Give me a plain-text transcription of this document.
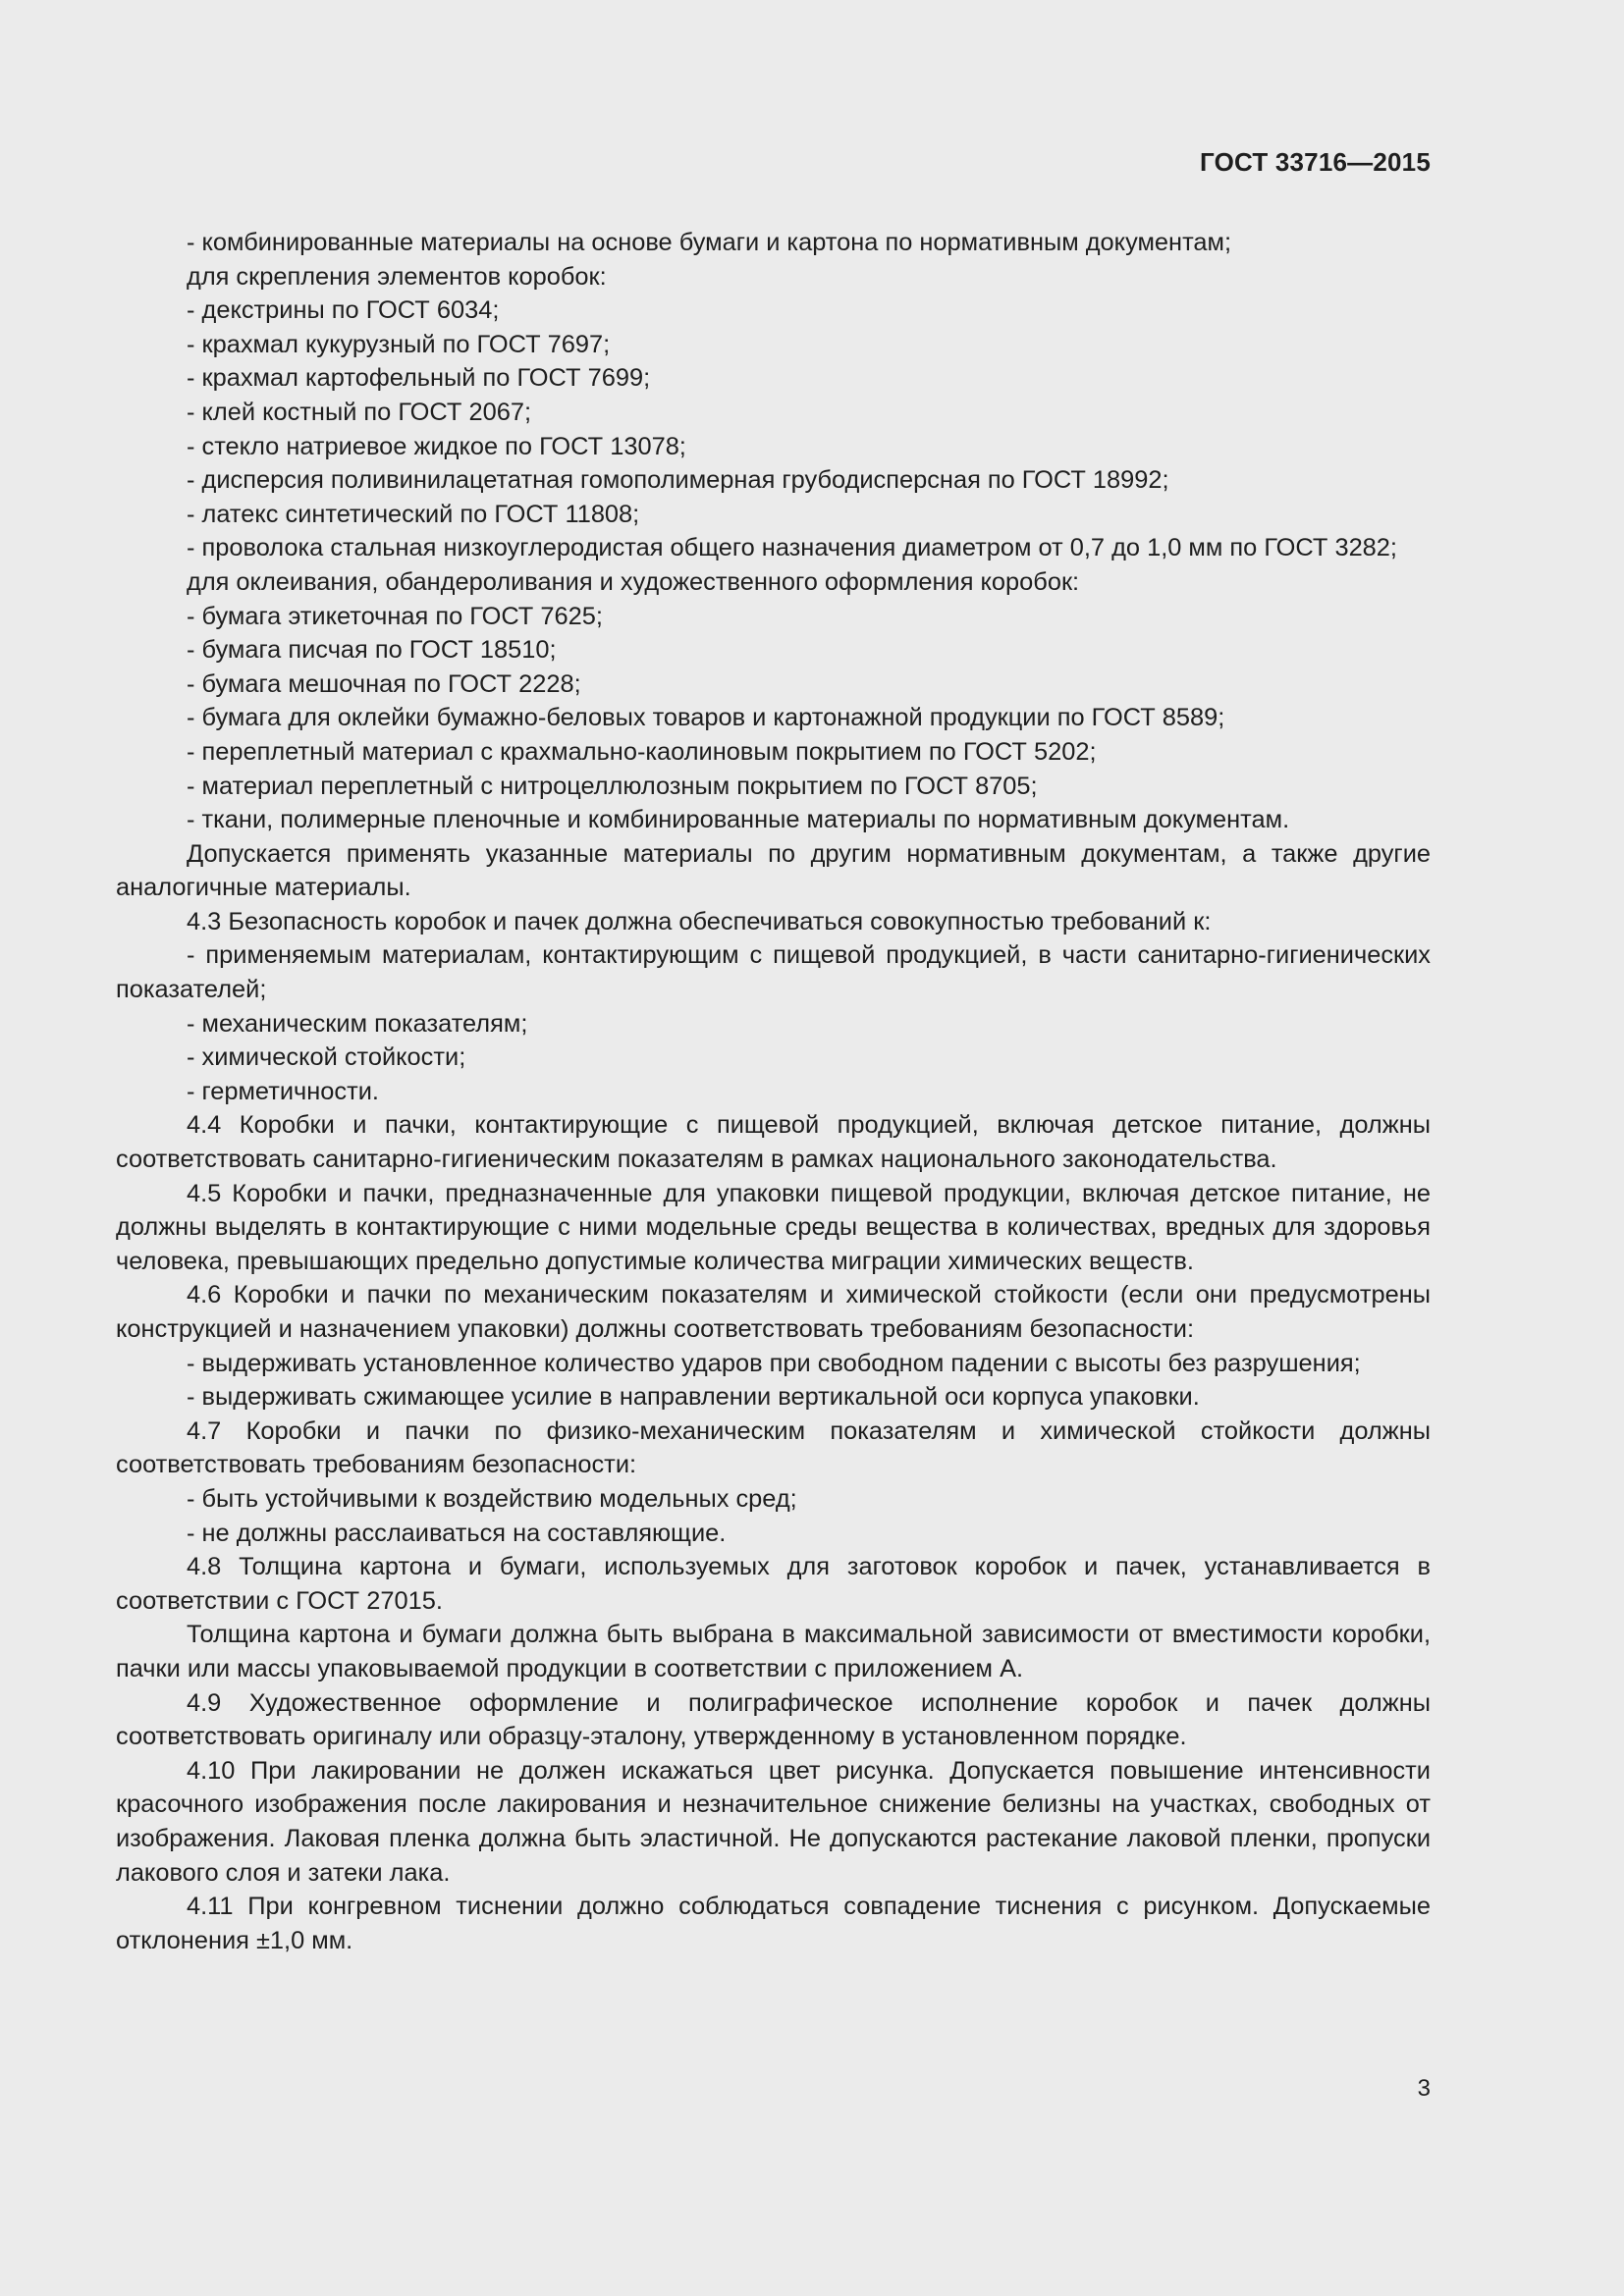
ГОСТ 33716—2015

- комбинированные материалы на основе бумаги и картона по нормативным документам;

для скрепления элементов коробок:

- декстрины по ГОСТ 6034;

- крахмал кукурузный по ГОСТ 7697;

- крахмал картофельный по ГОСТ 7699;

- клей костный по ГОСТ 2067;

- стекло натриевое жидкое по ГОСТ 13078;

- дисперсия поливинилацетатная гомополимерная грубодисперсная по ГОСТ 18992;

- латекс синтетический по ГОСТ 11808;

- проволока стальная низкоуглеродистая общего назначения диаметром от 0,7 до 1,0 мм по ГОСТ 3282;

для оклеивания, обандероливания и художественного оформления коробок:

- бумага этикеточная по ГОСТ 7625;

- бумага писчая по ГОСТ 18510;

- бумага мешочная по ГОСТ 2228;

- бумага для оклейки бумажно-беловых товаров и картонажной продукции по ГОСТ 8589;

- переплетный материал с крахмально-каолиновым покрытием по ГОСТ 5202;

- материал переплетный с нитроцеллюлозным покрытием по ГОСТ 8705;

- ткани, полимерные пленочные и комбинированные материалы по нормативным документам.

Допускается применять указанные материалы по другим нормативным документам, а также другие аналогичные материалы.

4.3 Безопасность коробок и пачек должна обеспечиваться совокупностью требований к:

- применяемым материалам, контактирующим с пищевой продукцией, в части санитарно-гигиенических показателей;

- механическим показателям;

- химической стойкости;

- герметичности.

4.4 Коробки и пачки, контактирующие с пищевой продукцией, включая детское питание, должны соответствовать санитарно-гигиеническим показателям в рамках национального законодательства.

4.5 Коробки и пачки, предназначенные для упаковки пищевой продукции, включая детское питание, не должны выделять в контактирующие с ними модельные среды вещества в количествах, вредных для здоровья человека, превышающих предельно допустимые количества миграции химических веществ.

4.6 Коробки и пачки по механическим показателям и химической стойкости (если они предусмотрены конструкцией и назначением упаковки) должны соответствовать требованиям безопасности:

- выдерживать установленное количество ударов при свободном падении с высоты без разрушения;

- выдерживать сжимающее усилие в направлении вертикальной оси корпуса упаковки.

4.7 Коробки и пачки по физико-механическим показателям и химической стойкости должны соответствовать требованиям безопасности:

- быть устойчивыми к воздействию модельных сред;

- не должны расслаиваться на составляющие.

4.8 Толщина картона и бумаги, используемых для заготовок коробок и пачек, устанавливается в соответствии с ГОСТ 27015.

Толщина картона и бумаги должна быть выбрана в максимальной зависимости от вместимости коробки, пачки или массы упаковываемой продукции в соответствии с приложением А.

4.9 Художественное оформление и полиграфическое исполнение коробок и пачек должны соответствовать оригиналу или образцу-эталону, утвержденному в установленном порядке.

4.10 При лакировании не должен искажаться цвет рисунка. Допускается повышение интенсивности красочного изображения после лакирования и незначительное снижение белизны на участках, свободных от изображения. Лаковая пленка должна быть эластичной. Не допускаются растекание лаковой пленки, пропуски лакового слоя и затеки лака.

4.11 При конгревном тиснении должно соблюдаться совпадение тиснения с рисунком. Допускаемые отклонения ±1,0 мм.

3
